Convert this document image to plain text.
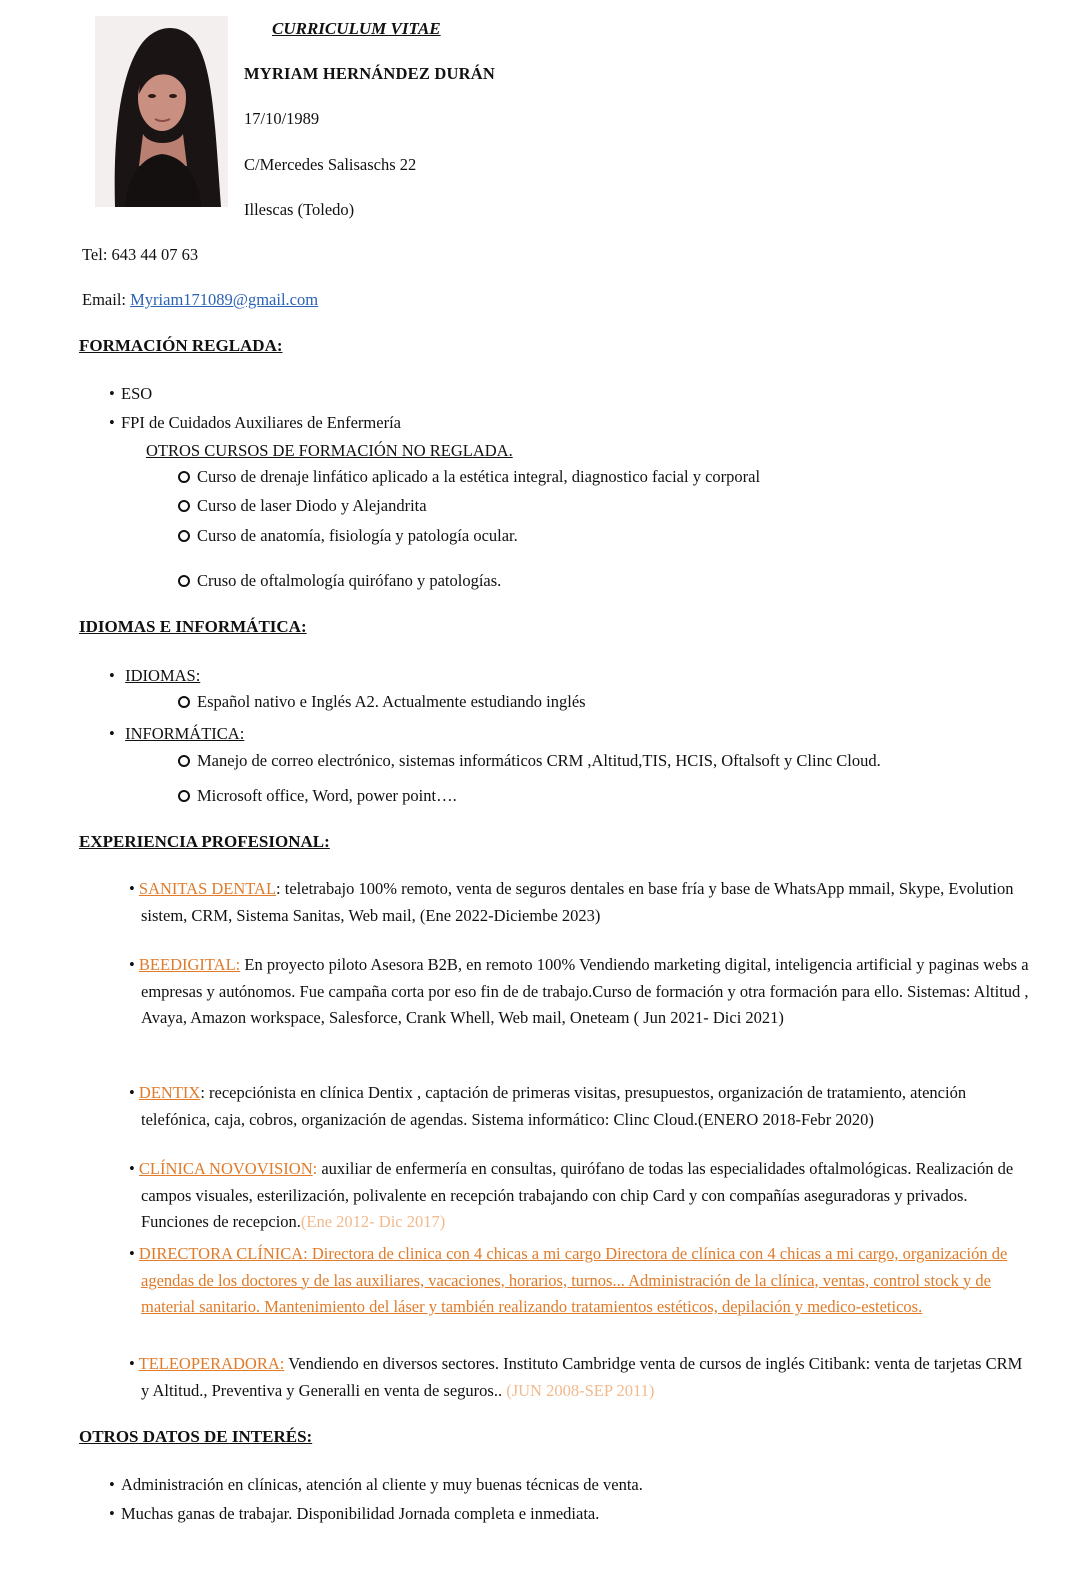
CURRICULUM VITAE
MYRIAM HERNÁNDEZ DURÁN
17/10/1989
C/Mercedes Salisaschs 22
Illescas (Toledo)
Tel: 643 44 07 63
Email: Myriam171089@gmail.com
FORMACIÓN REGLADA:
• ESO
• FPI de Cuidados Auxiliares de Enfermería
OTROS CURSOS DE FORMACIÓN NO REGLADA.
Curso de drenaje linfático aplicado a la estética integral, diagnostico facial y corporal
Curso de laser Diodo y Alejandrita
Curso de anatomía, fisiología y patología ocular.
Cruso de oftalmología quirófano y patologías.
IDIOMAS E INFORMÁTICA:
• IDIOMAS:
Español nativo e Inglés A2. Actualmente estudiando inglés
• INFORMÁTICA:
Manejo de correo electrónico, sistemas informáticos CRM ,Altitud,TIS, HCIS, Oftalsoft y Clinc Cloud.
Microsoft office, Word, power point….
EXPERIENCIA PROFESIONAL:
• SANITAS DENTAL: teletrabajo 100% remoto, venta de seguros dentales en base fría y base de WhatsApp mmail, Skype, Evolution sistem, CRM, Sistema Sanitas, Web mail, (Ene 2022-Diciembe 2023)
• BEEDIGITAL: En proyecto piloto Asesora B2B, en remoto 100% Vendiendo marketing digital, inteligencia artificial y paginas webs a empresas y autónomos. Fue campaña corta por eso fin de de trabajo.Curso de formación y otra formación para ello. Sistemas: Altitud , Avaya, Amazon workspace, Salesforce, Crank Whell, Web mail, Oneteam ( Jun 2021- Dici 2021)
• DENTIX: recepciónista en clínica Dentix , captación de primeras visitas, presupuestos, organización de tratamiento, atención telefónica, caja, cobros, organización de agendas. Sistema informático: Clinc Cloud.(ENERO 2018-Febr 2020)
• CLÍNICA NOVOVISION: auxiliar de enfermería en consultas, quirófano de todas las especialidades oftalmológicas. Realización de campos visuales, esterilización, polivalente en recepción trabajando con chip Card y con compañías aseguradoras y privados. Funciones de recepcion.(Ene 2012- Dic 2017)
• DIRECTORA CLÍNICA: Directora de clinica con 4 chicas a mi cargo Directora de clínica con 4 chicas a mi cargo, organización de agendas de los doctores y de las auxiliares, vacaciones, horarios, turnos... Administración de la clínica, ventas, control stock y de material sanitario. Mantenimiento del láser y también realizando tratamientos estéticos, depilación y medico-esteticos.
• TELEOPERADORA: Vendiendo en diversos sectores. Instituto Cambridge venta de cursos de inglés Citibank: venta de tarjetas CRM y Altitud., Preventiva y Generalli en venta de seguros.. (JUN 2008-SEP 2011)
OTROS DATOS DE INTERÉS:
• Administración en clínicas, atención al cliente y muy buenas técnicas de venta.
• Muchas ganas de trabajar. Disponibilidad Jornada completa e inmediata.
